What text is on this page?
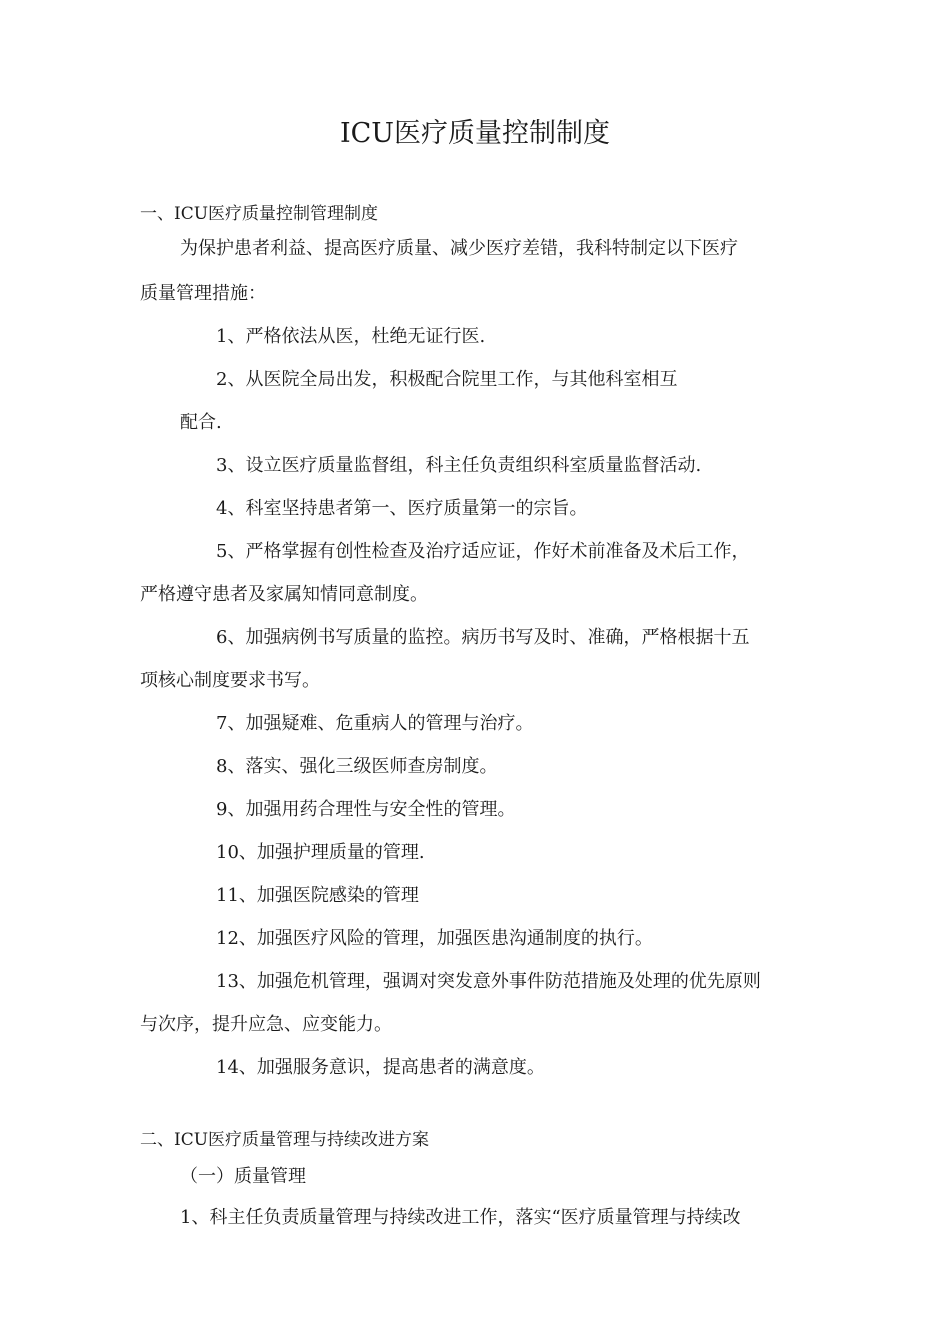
ICU医疗质量控制制度
一、ICU医疗质量控制管理制度
为保护患者利益、提高医疗质量、减少医疗差错，我科特制定以下医疗
质量管理措施：
1、严格依法从医，杜绝无证行医.
2、从医院全局出发，积极配合院里工作，与其他科室相互
配合.
3、设立医疗质量监督组，科主任负责组织科室质量监督活动.
4、科室坚持患者第一、医疗质量第一的宗旨。
5、严格掌握有创性检查及治疗适应证，作好术前准备及术后工作，
严格遵守患者及家属知情同意制度。
6、加强病例书写质量的监控。病历书写及时、准确，严格根据十五
项核心制度要求书写。
7、加强疑难、危重病人的管理与治疗。
8、落实、强化三级医师查房制度。
9、加强用药合理性与安全性的管理。
10、加强护理质量的管理.
11、加强医院感染的管理
12、加强医疗风险的管理，加强医患沟通制度的执行。
13、加强危机管理，强调对突发意外事件防范措施及处理的优先原则
与次序，提升应急、应变能力。
14、加强服务意识，提高患者的满意度。
二、ICU医疗质量管理与持续改进方案
（一）质量管理
1、科主任负责质量管理与持续改进工作，落实“医疗质量管理与持续改
